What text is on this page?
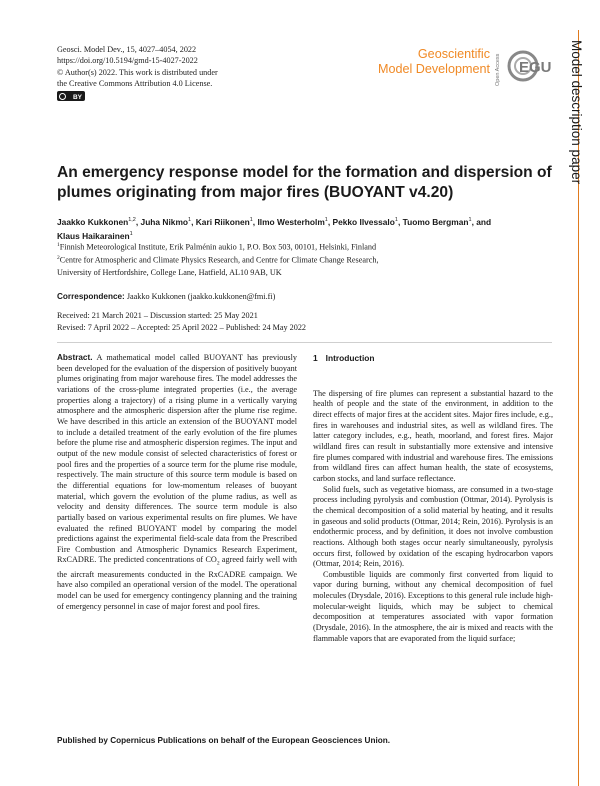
Geosci. Model Dev., 15, 4027–4054, 2022
https://doi.org/10.5194/gmd-15-4027-2022
© Author(s) 2022. This work is distributed under
the Creative Commons Attribution 4.0 License.
BY
Geoscientific
Model Development Open Access EGU Model description paper
An emergency response model for the formation and dispersion of plumes originating from major fires (BUOYANT v4.20)
Jaakko Kukkonen$^{1,2}$, Juha Nikmo$^1$, Kari Riikonen$^1$, Ilmo Westerholm$^1$, Pekko Ilvessalo$^1$, Tuomo Bergman$^1$, and
Klaus Haikarainen$^1$
$^1$Finnish Meteorological Institute, Erik Palménin aukio 1, P.O. Box 503, 00101, Helsinki, Finland
$^2$Centre for Atmospheric and Climate Physics Research, and Centre for Climate Change Research,
University of Hertfordshire, College Lane, Hatfield, AL10 9AB, UK
Correspondence: Jaakko Kukkonen (jaakko.kukkonen@fmi.fi)
Received: 21 March 2021 – Discussion started: 25 May 2021
Revised: 7 April 2022 – Accepted: 25 April 2022 – Published: 24 May 2022

Abstract. A mathematical model called BUOYANT has previously been developed for the evaluation of the dispersion of positively buoyant plumes originating from major warehouse fires. The model addresses the variations of the cross-plume integrated properties (i.e., the average properties along a trajectory) of a rising plume in a vertically varying atmosphere and the atmospheric dispersion after the plume rise regime. We have described in this article an extension of the BUOYANT model to include a detailed treatment of the early evolution of the fire plumes before the plume rise and atmospheric dispersion regimes. The input and output of the new module consist of selected characteristics of forest or pool fires and the properties of a source term for the plume rise module, respectively. The main structure of this source term module is based on the differential equations for low-momentum releases of buoyant material, which govern the evolution of the plume radius, as well as velocity and density differences. The source term module is also partially based on various experimental results on fire plumes. We have evaluated the refined BUOYANT model by comparing the model predictions against the experimental field-scale data from the Prescribed Fire Combustion and Atmospheric Dynamics Research Experiment, RxCADRE. The predicted concentrations of $CO_2$ agreed fairly well with the aircraft measurements conducted in the RxCADRE campaign. We have also compiled an operational version of the model. The operational model can be used for emergency contingency planning and the training of emergency personnel in case of major forest and pool fires.

1 Introduction

The dispersing of fire plumes can represent a substantial hazard to the health of people and the state of the environment, in addition to the direct effects of major fires at the accident sites. Major fires include, e.g., fires in warehouses and industrial sites, as well as wildland fires. The latter category includes, e.g., heath, moorland, and forest fires. Major wildland fires can result in substantially more extensive and intensive fire plumes compared with industrial and warehouse fires. The emissions from wildland fires can affect human health, the state of ecosystems, carbon stocks, and land surface reflectance.

Solid fuels, such as vegetative biomass, are consumed in a two-stage process including pyrolysis and combustion (Ottmar, 2014). Pyrolysis is the chemical decomposition of a solid material by heating, and it results in gaseous and solid products (Ottmar, 2014; Rein, 2016). Pyrolysis is an endothermic process, and by definition, it does not involve combustion reactions. Although both stages occur nearly simultaneously, pyrolysis occurs first, followed by oxidation of the escaping hydrocarbon vapors (Ottmar, 2014; Rein, 2016).

Combustible liquids are commonly first converted from liquid to vapor during burning, without any chemical decomposition of fuel molecules (Drysdale, 2016). Exceptions to this general rule include high-molecular-weight liquids, which may be subject to chemical decomposition at temperatures associated with vapor formation (Drysdale, 2016). In the atmosphere, the air is mixed and reacts with the flammable vapors that are evaporated from the liquid surface;

Published by Copernicus Publications on behalf of the European Geosciences Union.
